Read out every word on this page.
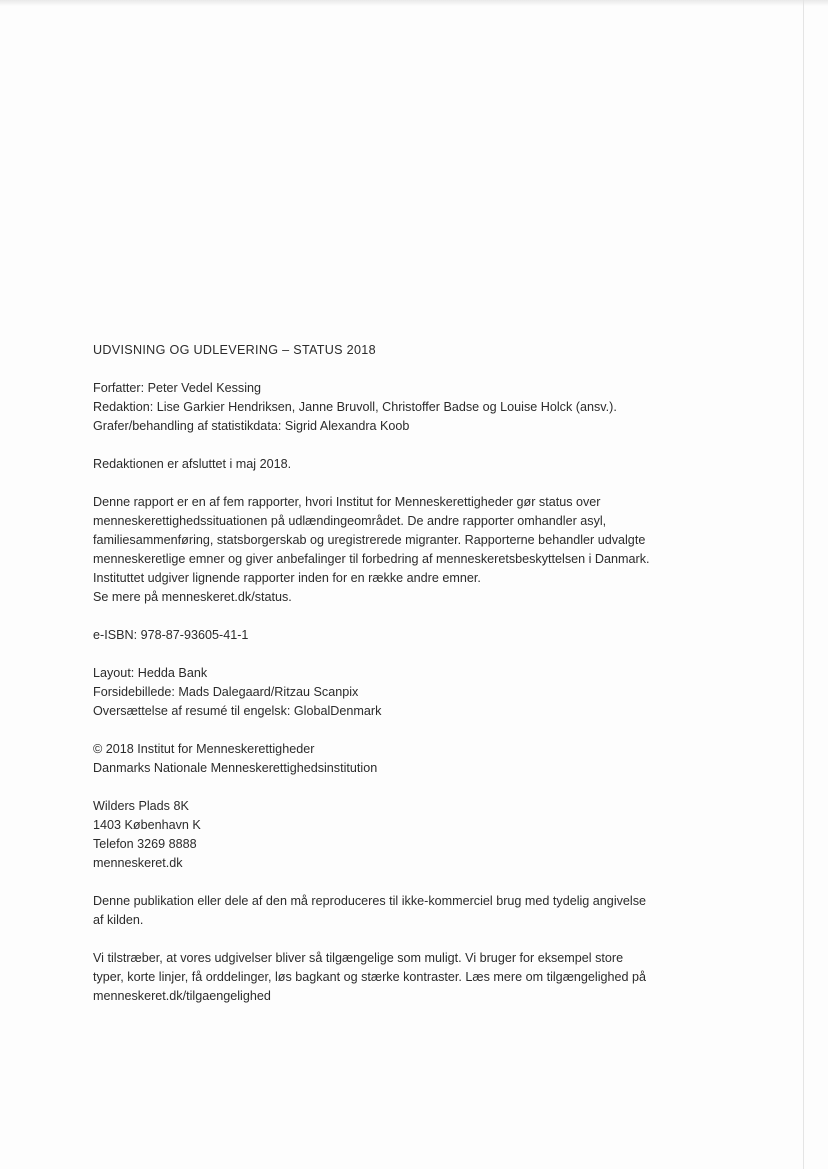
UDVISNING OG UDLEVERING – STATUS 2018

Forfatter: Peter Vedel Kessing
Redaktion: Lise Garkier Hendriksen, Janne Bruvoll, Christoffer Badse og Louise Holck (ansv.).
Grafer/behandling af statistikdata: Sigrid Alexandra Koob

Redaktionen er afsluttet i maj 2018.

Denne rapport er en af fem rapporter, hvori Institut for Menneskerettigheder gør status over
menneskerettighedssituationen på udlændingeområdet. De andre rapporter omhandler asyl,
familiesammenføring, statsborgerskab og uregistrerede migranter. Rapporterne behandler udvalgte
menneskeretlige emner og giver anbefalinger til forbedring af menneskeretsbeskyttelsen i Danmark.
Instituttet udgiver lignende rapporter inden for en række andre emner.
Se mere på menneskeret.dk/status.

e-ISBN: 978-87-93605-41-1

Layout: Hedda Bank
Forsidebillede: Mads Dalegaard/Ritzau Scanpix
Oversættelse af resumé til engelsk: GlobalDenmark

© 2018 Institut for Menneskerettigheder
Danmarks Nationale Menneskerettighedsinstitution

Wilders Plads 8K
1403 København K
Telefon 3269 8888
menneskeret.dk

Denne publikation eller dele af den må reproduceres til ikke-kommerciel brug med tydelig angivelse
af kilden.

Vi tilstræber, at vores udgivelser bliver så tilgængelige som muligt. Vi bruger for eksempel store
typer, korte linjer, få orddelinger, løs bagkant og stærke kontraster. Læs mere om tilgængelighed på
menneskeret.dk/tilgaengelighed
